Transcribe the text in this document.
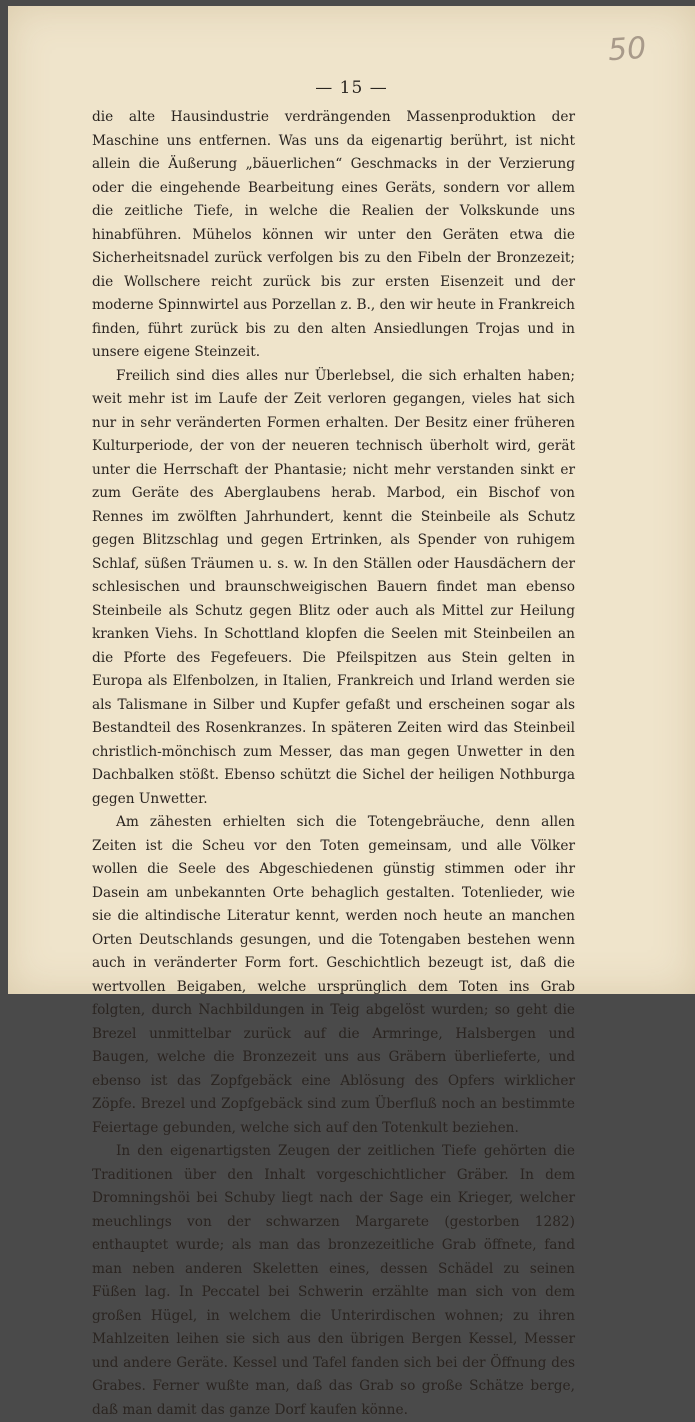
50
— 15 —

die alte Hausindustrie verdrängenden Massenproduktion der Maschine uns entfernen. Was uns da eigenartig berührt, ist nicht allein die Äußerung „bäuerlichen“ Geschmacks in der Verzierung oder die eingehende Bearbeitung eines Geräts, sondern vor allem die zeitliche Tiefe, in welche die Realien der Volkskunde uns hinabführen. Mühelos können wir unter den Geräten etwa die Sicherheitsnadel zurück verfolgen bis zu den Fibeln der Bronzezeit; die Wollschere reicht zurück bis zur ersten Eisenzeit und der moderne Spinnwirtel aus Porzellan z. B., den wir heute in Frankreich finden, führt zurück bis zu den alten Ansiedlungen Trojas und in unsere eigene Steinzeit.

Freilich sind dies alles nur Überlebsel, die sich erhalten haben; weit mehr ist im Laufe der Zeit verloren gegangen, vieles hat sich nur in sehr veränderten Formen erhalten. Der Besitz einer früheren Kulturperiode, der von der neueren technisch überholt wird, gerät unter die Herrschaft der Phantasie; nicht mehr verstanden sinkt er zum Geräte des Aberglaubens herab. Marbod, ein Bischof von Rennes im zwölften Jahrhundert, kennt die Steinbeile als Schutz gegen Blitzschlag und gegen Ertrinken, als Spender von ruhigem Schlaf, süßen Träumen u. s. w. In den Ställen oder Hausdächern der schlesischen und braunschweigischen Bauern findet man ebenso Steinbeile als Schutz gegen Blitz oder auch als Mittel zur Heilung kranken Viehs. In Schottland klopfen die Seelen mit Steinbeilen an die Pforte des Fegefeuers. Die Pfeilspitzen aus Stein gelten in Europa als Elfenbolzen, in Italien, Frankreich und Irland werden sie als Talismane in Silber und Kupfer gefaßt und erscheinen sogar als Bestandteil des Rosenkranzes. In späteren Zeiten wird das Steinbeil christlich-mönchisch zum Messer, das man gegen Unwetter in den Dachbalken stößt. Ebenso schützt die Sichel der heiligen Nothburga gegen Unwetter.

Am zähesten erhielten sich die Totengebräuche, denn allen Zeiten ist die Scheu vor den Toten gemeinsam, und alle Völker wollen die Seele des Abgeschiedenen günstig stimmen oder ihr Dasein am unbekannten Orte behaglich gestalten. Totenlieder, wie sie die altindische Literatur kennt, werden noch heute an manchen Orten Deutschlands gesungen, und die Totengaben bestehen wenn auch in veränderter Form fort. Geschichtlich bezeugt ist, daß die wertvollen Beigaben, welche ursprünglich dem Toten ins Grab folgten, durch Nachbildungen in Teig abgelöst wurden; so geht die Brezel unmittelbar zurück auf die Armringe, Halsbergen und Baugen, welche die Bronzezeit uns aus Gräbern überlieferte, und ebenso ist das Zopfgebäck eine Ablösung des Opfers wirklicher Zöpfe. Brezel und Zopfgebäck sind zum Überfluß noch an bestimmte Feiertage gebunden, welche sich auf den Totenkult beziehen.

In den eigenartigsten Zeugen der zeitlichen Tiefe gehörten die Traditionen über den Inhalt vorgeschichtlicher Gräber. In dem Dromningshöi bei Schuby liegt nach der Sage ein Krieger, welcher meuchlings von der schwarzen Margarete (gestorben 1282) enthauptet wurde; als man das bronzezeitliche Grab öffnete, fand man neben anderen Skeletten eines, dessen Schädel zu seinen Füßen lag. In Peccatel bei Schwerin erzählte man sich von dem großen Hügel, in welchem die Unterirdischen wohnen; zu ihren Mahlzeiten leihen sie sich aus den übrigen Bergen Kessel, Messer und andere Geräte. Kessel und Tafel fanden sich bei der Öffnung des Grabes. Ferner wußte man, daß das Grab so große Schätze berge, daß man damit das ganze Dorf kaufen könne.
